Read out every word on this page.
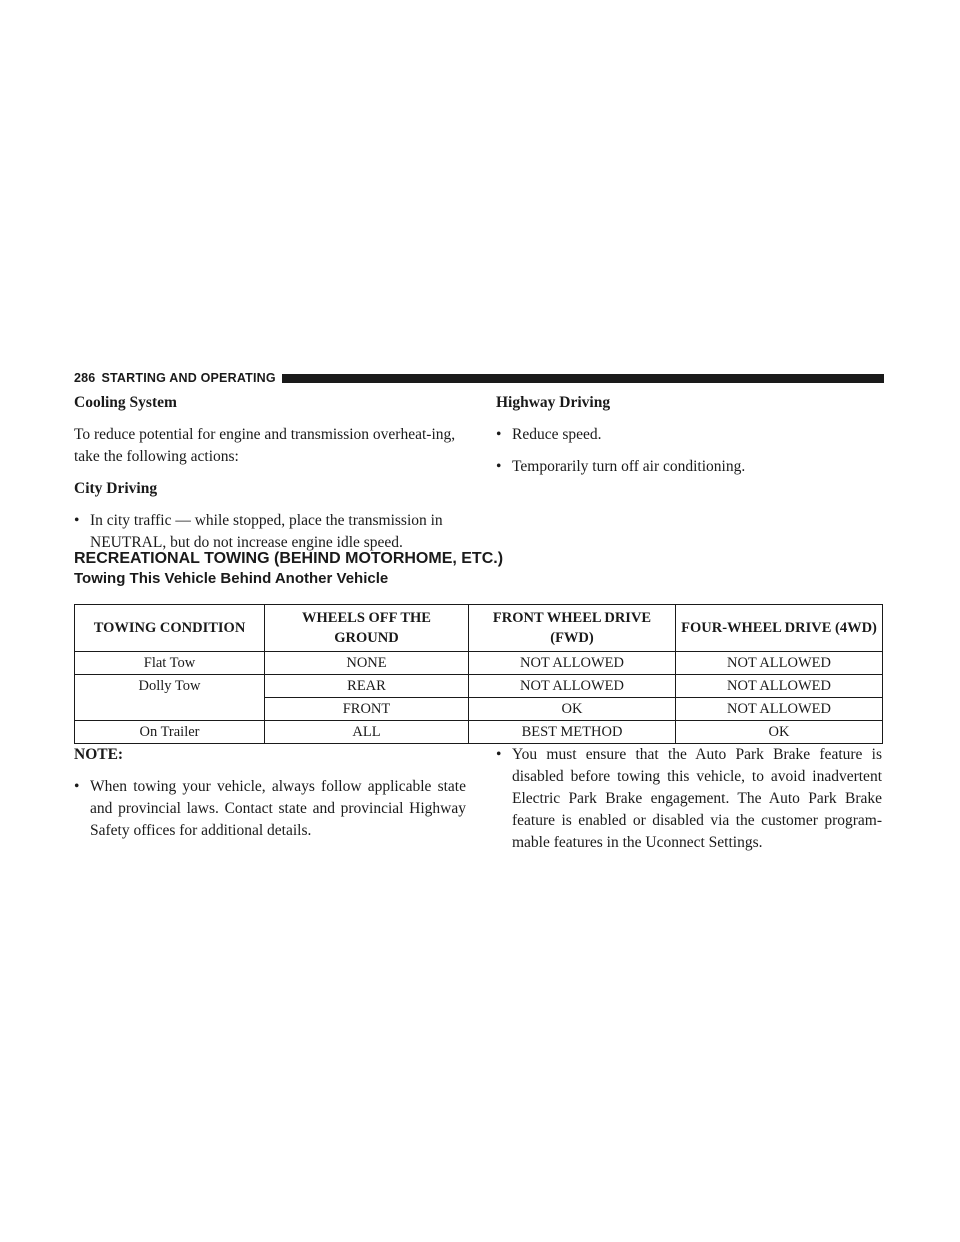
286 STARTING AND OPERATING
Cooling System
To reduce potential for engine and transmission overheat-ing, take the following actions:
City Driving
• In city traffic — while stopped, place the transmission in NEUTRAL, but do not increase engine idle speed.
Highway Driving
• Reduce speed.
• Temporarily turn off air conditioning.
RECREATIONAL TOWING (BEHIND MOTORHOME, ETC.)
Towing This Vehicle Behind Another Vehicle
TOWING CONDITION	WHEELS OFF THE GROUND	FRONT WHEEL DRIVE (FWD)	FOUR-WHEEL DRIVE (4WD)
Flat Tow	NONE	NOT ALLOWED	NOT ALLOWED
Dolly Tow	REAR	NOT ALLOWED	NOT ALLOWED
	FRONT	OK	NOT ALLOWED
On Trailer	ALL	BEST METHOD	OK
NOTE:
• When towing your vehicle, always follow applicable state and provincial laws. Contact state and provincial Highway Safety offices for additional details.
• You must ensure that the Auto Park Brake feature is disabled before towing this vehicle, to avoid inadvertent Electric Park Brake engagement. The Auto Park Brake feature is enabled or disabled via the customer program-mable features in the Uconnect Settings.
